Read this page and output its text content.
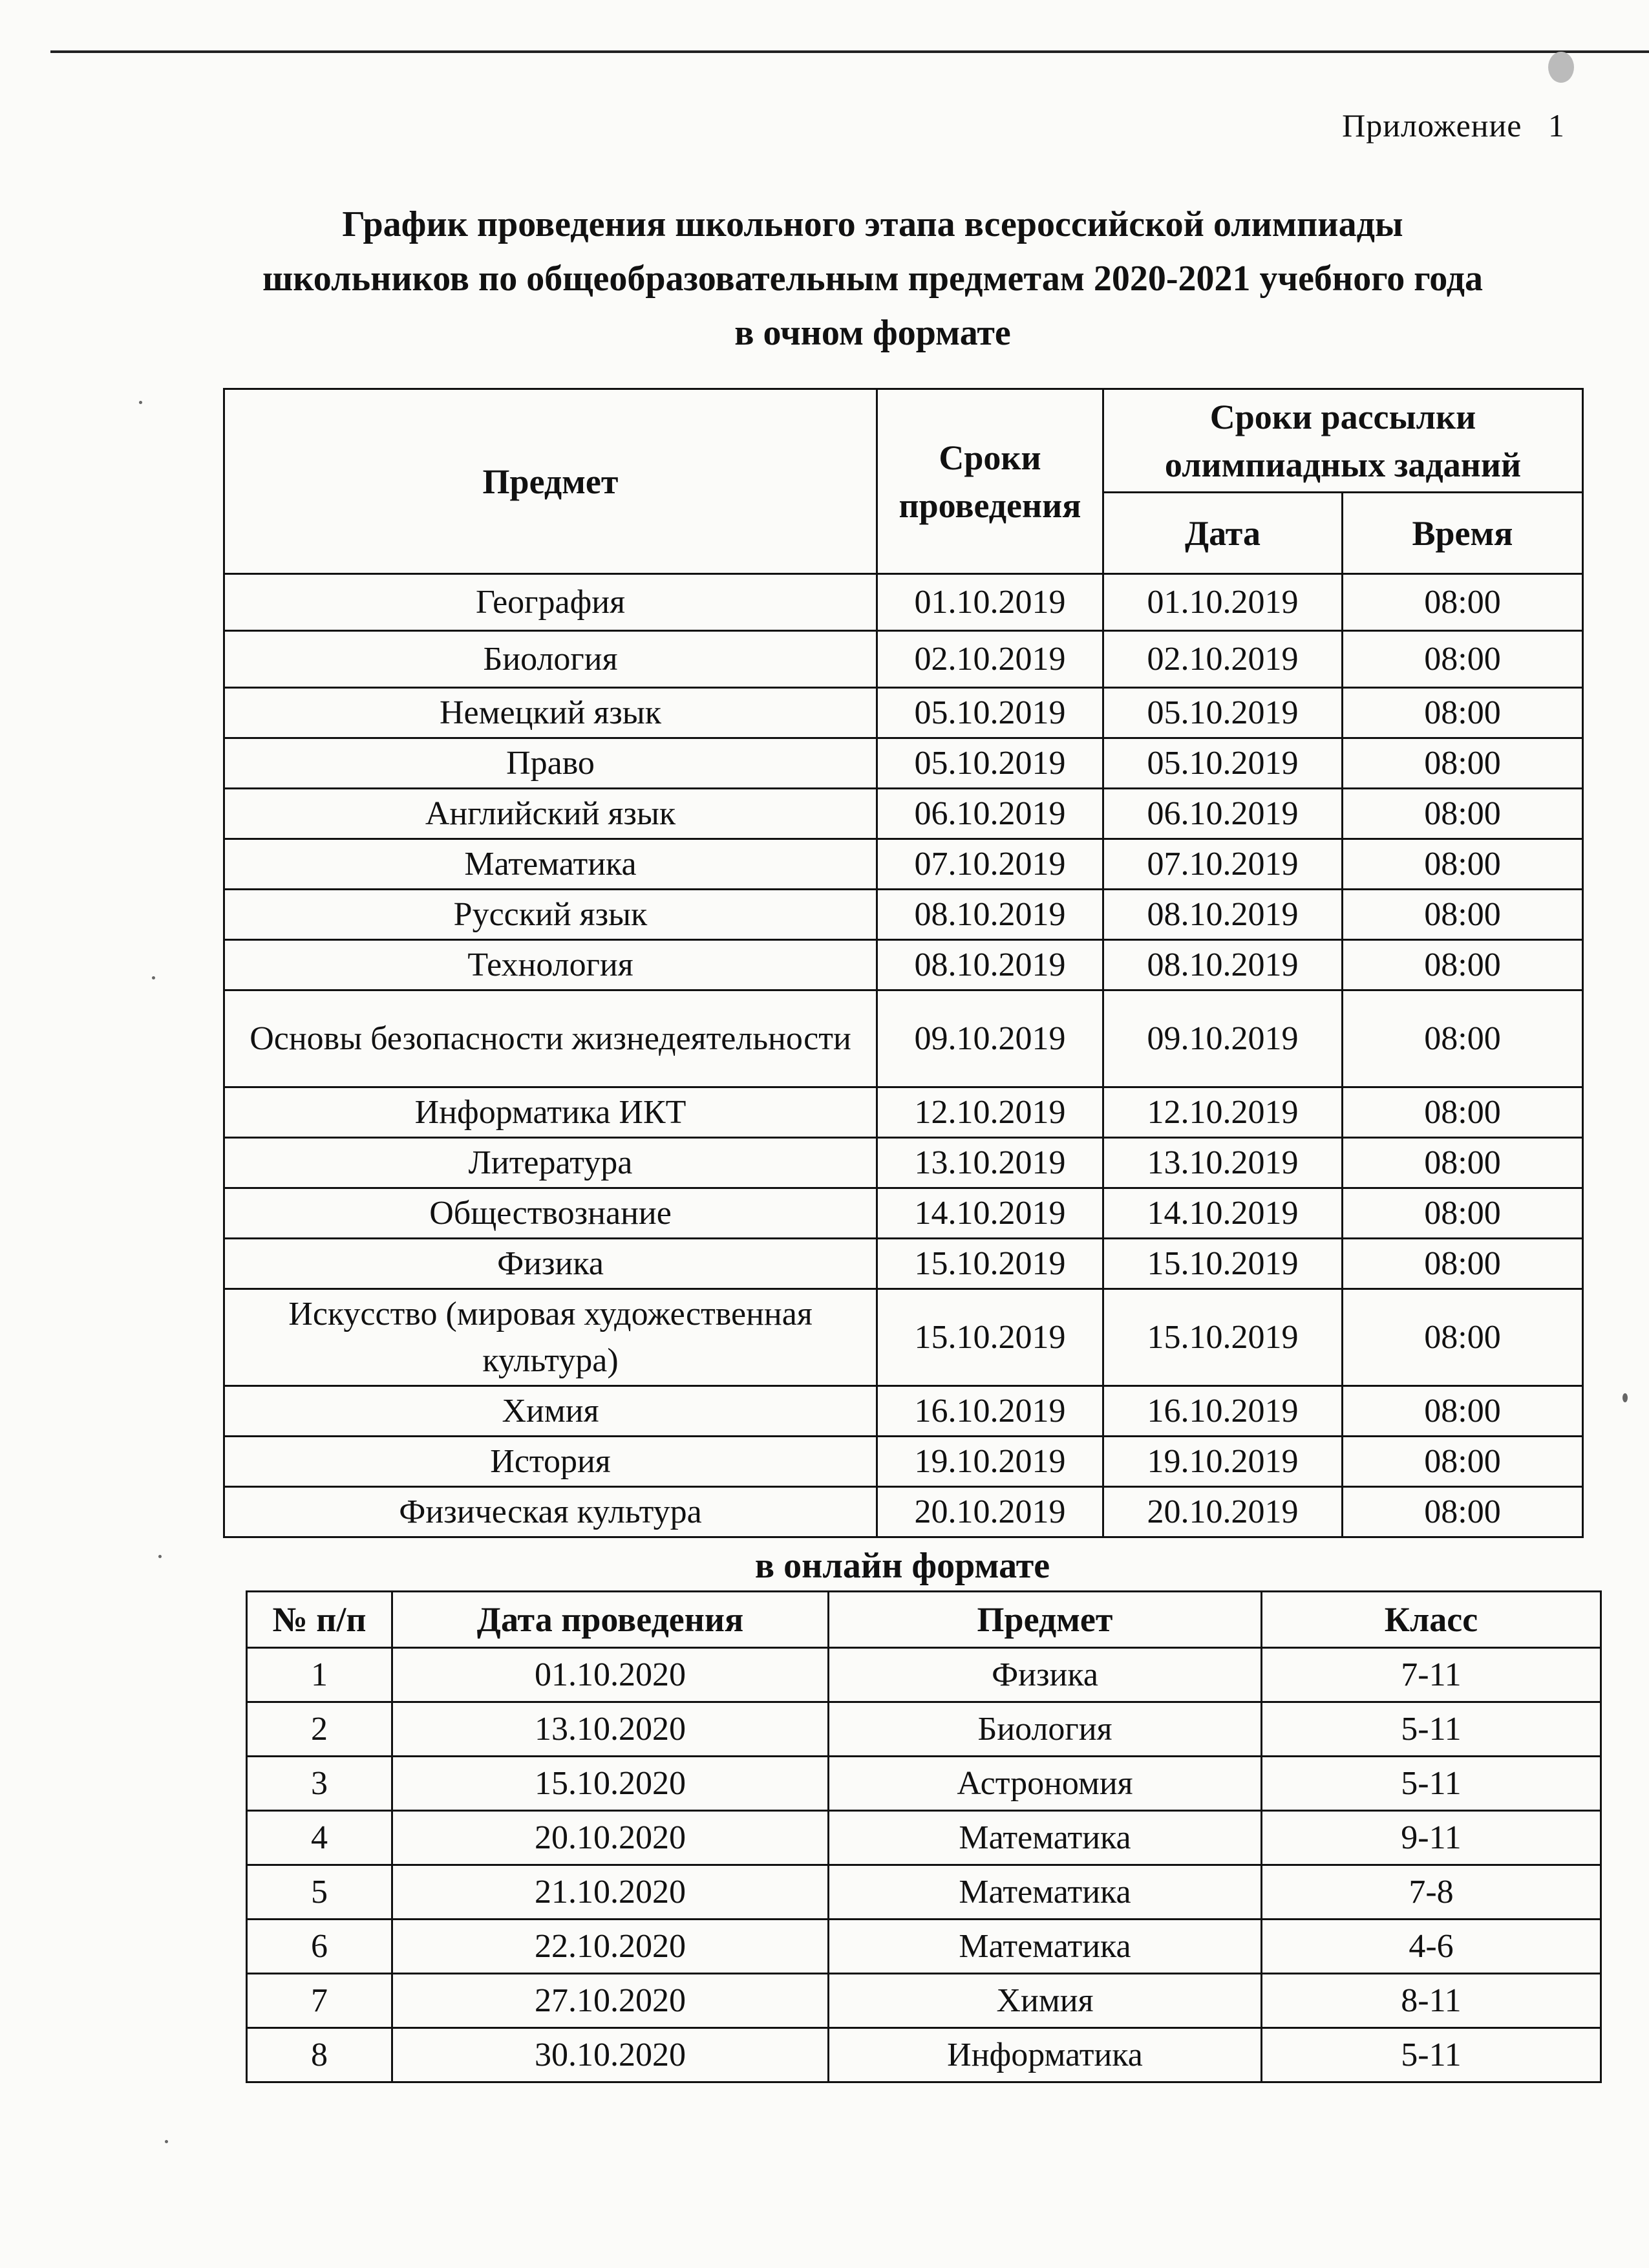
Приложение   1
График проведения школьного этапа всероссийской олимпиады
школьников по общеобразовательным предметам 2020-2021 учебного года
в очном формате
Предмет	Сроки проведения	Сроки рассылки олимпиадных заданий	
		Дата	Время
География	01.10.2019	01.10.2019	08:00
Биология	02.10.2019	02.10.2019	08:00
Немецкий язык	05.10.2019	05.10.2019	08:00
Право	05.10.2019	05.10.2019	08:00
Английский язык	06.10.2019	06.10.2019	08:00
Математика	07.10.2019	07.10.2019	08:00
Русский язык	08.10.2019	08.10.2019	08:00
Технология	08.10.2019	08.10.2019	08:00
Основы безопасности жизнедеятельности	09.10.2019	09.10.2019	08:00
Информатика ИКТ	12.10.2019	12.10.2019	08:00
Литература	13.10.2019	13.10.2019	08:00
Обществознание	14.10.2019	14.10.2019	08:00
Физика	15.10.2019	15.10.2019	08:00
Искусство (мировая художественная культура)	15.10.2019	15.10.2019	08:00
Химия	16.10.2019	16.10.2019	08:00
История	19.10.2019	19.10.2019	08:00
Физическая культура	20.10.2019	20.10.2019	08:00
в онлайн формате
№ п/п	Дата проведения	Предмет	Класс
1	01.10.2020	Физика	7-11
2	13.10.2020	Биология	5-11
3	15.10.2020	Астрономия	5-11
4	20.10.2020	Математика	9-11
5	21.10.2020	Математика	7-8
6	22.10.2020	Математика	4-6
7	27.10.2020	Химия	8-11
8	30.10.2020	Информатика	5-11
